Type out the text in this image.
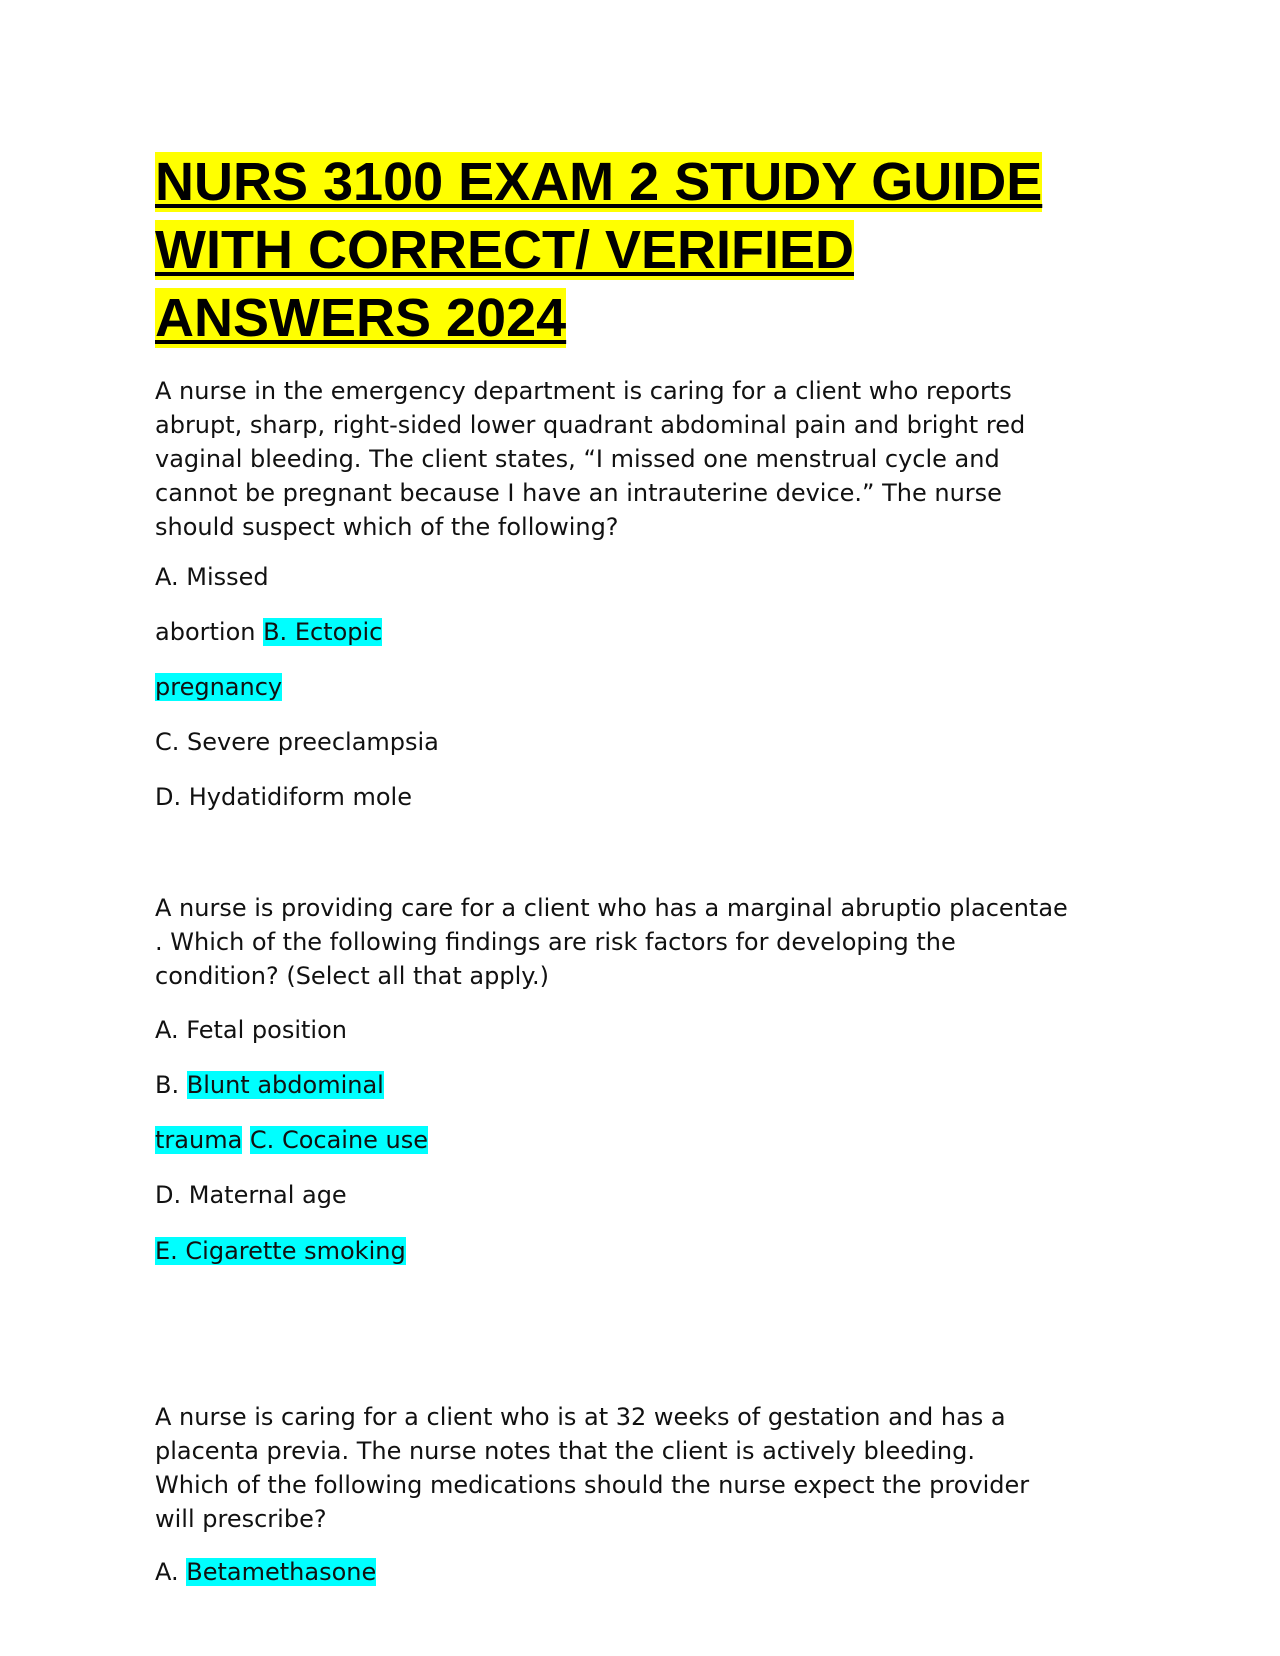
NURS 3100 EXAM 2 STUDY GUIDE
WITH CORRECT/ VERIFIED
ANSWERS 2024

A nurse in the emergency department is caring for a client who reports
abrupt, sharp, right-sided lower quadrant abdominal pain and bright red
vaginal bleeding. The client states, “I missed one menstrual cycle and
cannot be pregnant because I have an intrauterine device.” The nurse
should suspect which of the following?

A. Missed

abortion B. Ectopic

pregnancy

C. Severe preeclampsia

D. Hydatidiform mole

A nurse is providing care for a client who has a marginal abruptio placentae
. Which of the following findings are risk factors for developing the
condition? (Select all that apply.)

A. Fetal position

B. Blunt abdominal

trauma C. Cocaine use

D. Maternal age

E. Cigarette smoking

A nurse is caring for a client who is at 32 weeks of gestation and has a
placenta previa. The nurse notes that the client is actively bleeding.
Which of the following medications should the nurse expect the provider
will prescribe?

A. Betamethasone
